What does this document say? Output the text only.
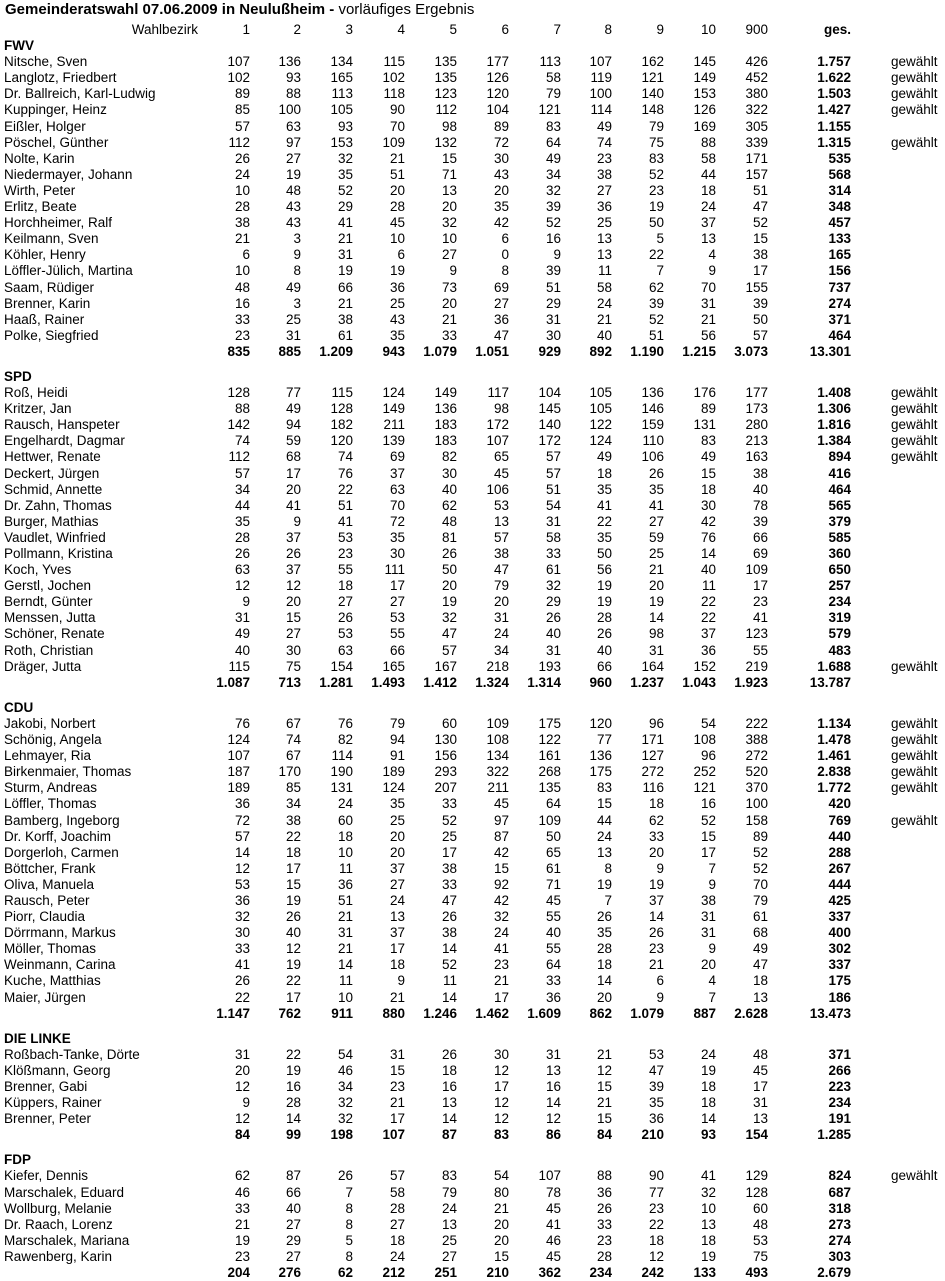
Gemeinderatswahl 07.06.2009 in Neulußheim - vorläufiges Ergebnis
Wahlbezirk	1	2	3	4	5	6	7	8	9	10 900	ges.
FWV
Nitsche, Sven	107 136 134 115 135 177 113 107 162 145 426	1.757	gewählt
Langlotz, Friedbert	102	93 165 102 135 126	58 119 121 149 452	1.622	gewählt
Dr. Ballreich, Karl-Ludwig	89	88 113 118 123 120	79 100 140 153 380	1.503	gewählt
Kuppinger, Heinz	85 100 105	90 112 104 121 114 148 126 322	1.427	gewählt
Eißler, Holger	57	63	93	70	98	89	83	49	79 169 305	1.155
Pöschel, Günther	112	97 153 109 132	72	64	74	75	88 339	1.315	gewählt
Nolte, Karin	26	27	32	21	15	30	49	23	83	58 171	535
Niedermayer, Johann	24	19	35	51	71	43	34	38	52	44 157	568
Wirth, Peter	10	48	52	20	13	20	32	27	23	18	51	314
Erlitz, Beate	28	43	29	28	20	35	39	36	19	24	47	348
Horchheimer, Ralf	38	43	41	45	32	42	52	25	50	37	52	457
Keilmann, Sven	21	3	21	10	10	6	16	13	5	13	15	133
Köhler, Henry	6	9	31	6	27	0	9	13	22	4	38	165
Löffler-Jülich, Martina	10	8	19	19	9	8	39	11	7	9	17	156
Saam, Rüdiger	48	49	66	36	73	69	51	58	62	70 155	737
Brenner, Karin	16	3	21	25	20	27	29	24	39	31	39	274
Haaß, Rainer	33	25	38	43	21	36	31	21	52	21	50	371
Polke, Siegfried	23	31	61	35	33	47	30	40	51	56	57	464
835 885 1.209 943 1.079 1.051 929 892 1.190 1.215 3.073	13.301
SPD
Roß, Heidi	128	77 115 124 149 117 104 105 136 176 177	1.408	gewählt
Kritzer, Jan	88	49 128 149 136	98 145 105 146	89 173	1.306	gewählt
Rausch, Hanspeter	142	94 182 211 183 172 140 122 159 131 280	1.816	gewählt
Engelhardt, Dagmar	74	59 120 139 183 107 172 124 110	83 213	1.384	gewählt
Hettwer, Renate	112	68	74	69	82	65	57	49 106	49 163	894	gewählt
Deckert, Jürgen	57	17	76	37	30	45	57	18	26	15	38	416
Schmid, Annette	34	20	22	63	40 106	51	35	35	18	40	464
Dr. Zahn, Thomas	44	41	51	70	62	53	54	41	41	30	78	565
Burger, Mathias	35	9	41	72	48	13	31	22	27	42	39	379
Vaudlet, Winfried	28	37	53	35	81	57	58	35	59	76	66	585
Pollmann, Kristina	26	26	23	30	26	38	33	50	25	14	69	360
Koch, Yves	63	37	55 111	50	47	61	56	21	40 109	650
Gerstl, Jochen	12	12	18	17	20	79	32	19	20	11	17	257
Berndt, Günter	9	20	27	27	19	20	29	19	19	22	23	234
Menssen, Jutta	31	15	26	53	32	31	26	28	14	22	41	319
Schöner, Renate	49	27	53	55	47	24	40	26	98	37 123	579
Roth, Christian	40	30	63	66	57	34	31	40	31	36	55	483
Dräger, Jutta	115	75 154 165 167 218 193	66 164 152 219	1.688	gewählt
1.087 713 1.281 1.493 1.412 1.324 1.314 960 1.237 1.043 1.923	13.787
CDU
Jakobi, Norbert	76	67	76	79	60 109 175 120	96	54 222	1.134	gewählt
Schönig, Angela	124	74	82	94 130 108 122	77 171 108 388	1.478	gewählt
Lehmayer, Ria	107	67 114	91 156 134 161 136 127	96 272	1.461	gewählt
Birkenmaier, Thomas	187 170 190 189 293 322 268 175 272 252 520	2.838	gewählt
Sturm, Andreas	189	85 131 124 207 211 135	83 116 121 370	1.772	gewählt
Löffler, Thomas	36	34	24	35	33	45	64	15	18	16 100	420
Bamberg, Ingeborg	72	38	60	25	52	97 109	44	62	52 158	769	gewählt
Dr. Korff, Joachim	57	22	18	20	25	87	50	24	33	15	89	440
Dorgerloh, Carmen	14	18	10	20	17	42	65	13	20	17	52	288
Böttcher, Frank	12	17	11	37	38	15	61	8	9	7	52	267
Oliva, Manuela	53	15	36	27	33	92	71	19	19	9	70	444
Rausch, Peter	36	19	51	24	47	42	45	7	37	38	79	425
Piorr, Claudia	32	26	21	13	26	32	55	26	14	31	61	337
Dörrmann, Markus	30	40	31	37	38	24	40	35	26	31	68	400
Möller, Thomas	33	12	21	17	14	41	55	28	23	9	49	302
Weinmann, Carina	41	19	14	18	52	23	64	18	21	20	47	337
Kuche, Matthias	26	22	11	9	11	21	33	14	6	4	18	175
Maier, Jürgen	22	17	10	21	14	17	36	20	9	7	13	186
1.147 762 911 880 1.246 1.462 1.609 862 1.079 887 2.628	13.473
DIE LINKE
Roßbach-Tanke, Dörte	31	22	54	31	26	30	31	21	53	24	48	371
Klößmann, Georg	20	19	46	15	18	12	13	12	47	19	45	266
Brenner, Gabi	12	16	34	23	16	17	16	15	39	18	17	223
Küppers, Rainer	9	28	32	21	13	12	14	21	35	18	31	234
Brenner, Peter	12	14	32	17	14	12	12	15	36	14	13	191
84	99 198 107	87	83	86	84 210	93 154	1.285
FDP
Kiefer, Dennis	62	87	26	57	83	54 107	88	90	41 129	824	gewählt
Marschalek, Eduard	46	66	7	58	79	80	78	36	77	32 128	687
Wollburg, Melanie	33	40	8	28	24	21	45	26	23	10	60	318
Dr. Raach, Lorenz	21	27	8	27	13	20	41	33	22	13	48	273
Marschalek, Mariana	19	29	5	18	25	20	46	23	18	18	53	274
Rawenberg, Karin	23	27	8	24	27	15	45	28	12	19	75	303
204 276	62 212 251 210 362 234 242 133 493	2.679
